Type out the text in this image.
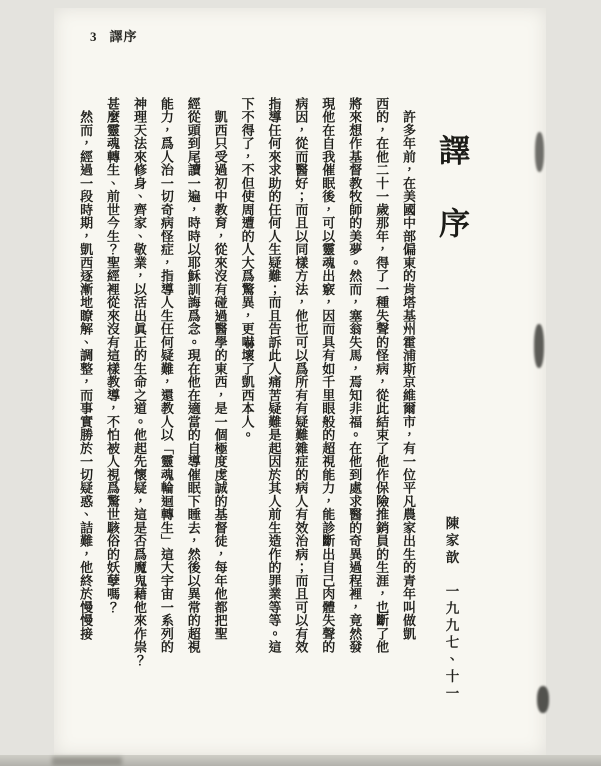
3 譯序
譯序
陳家歆　一九九七、十一
　許多年前，在美國中部偏東的肯塔基州霍浦斯京維爾市，有一位平凡農家出生的青年叫做凱
西的，在他二十一歲那年，得了一種失聲的怪病，從此結束了他作保險推銷員的生涯，也斷了他
將來想作基督教牧師的美夢。然而，塞翁失馬，焉知非福。在他到處求醫的奇異過程裡，竟然發
現他在自我催眠後，可以靈魂出竅，因而具有如千里眼般的超視能力，能診斷出自己肉體失聲的
病因，從而醫好；而且以同樣方法，他也可以爲所有有疑難雜症的病人有效治病；而且可以有效
指導任何來求助的任何人生疑難；而且告訴此人痛苦疑難是起因於其人前生造作的罪業等等。這
下不得了，不但使周遭的人大爲驚異，更嚇壞了凱西本人。
　凱西只受過初中教育，從來沒有碰過醫學的東西，是一個極度虔誠的基督徒，每年他都把聖
經從頭到尾讀一遍，時時以耶穌訓誨爲念。現在他在適當的自導催眠下睡去，然後以異常的超視
能力，爲人治一切奇病怪症，指導人生任何疑難，還教人以「靈魂輪迴轉生」這大宇宙一系列的
神理天法來修身、齊家、敬業，以活出眞正的生命之道。他起先懷疑，這是否爲魔鬼藉他來作祟？
甚麼靈魂轉生、前世今生？聖經裡從來沒有這樣教導，不怕被人視爲驚世駭俗的妖孽嗎？
　然而，經過一段時期，凱西逐漸地瞭解、調整，而事實勝於一切疑惑、詰難，他終於慢慢接
